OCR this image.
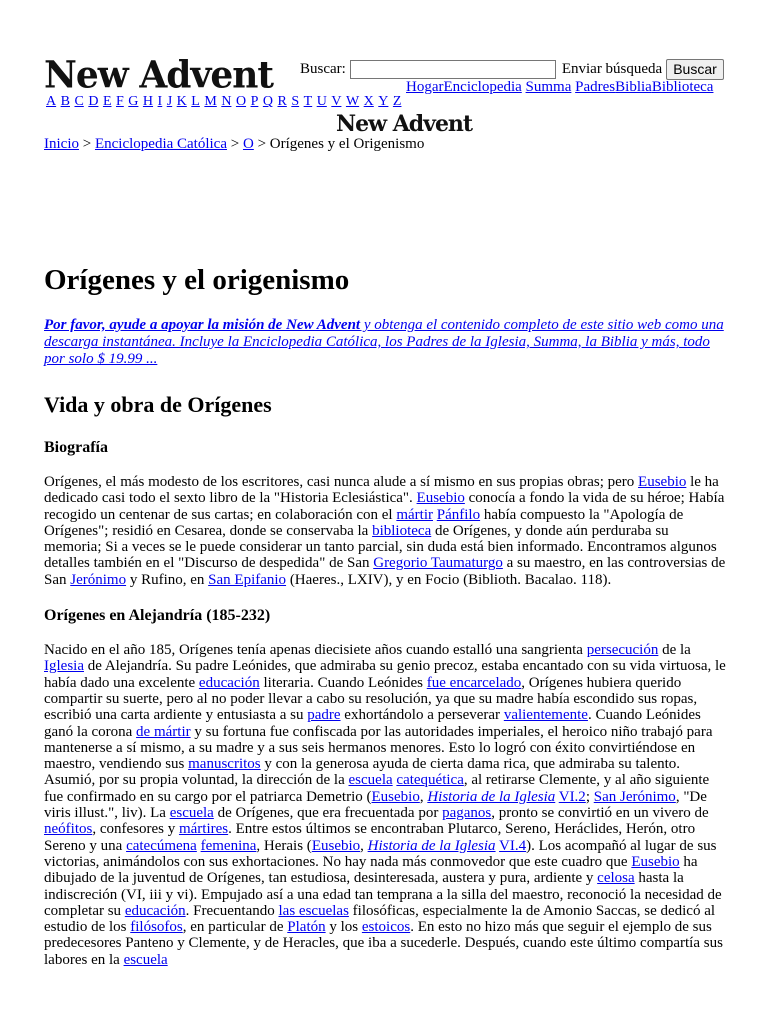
New Advent Buscar:	Enviar búsqueda Buscar
HogarEnciclopedia Summa PadresBibliaBiblioteca
A B C D E F G H I J K L M N O P Q R S T U V W X Y Z
New Advent
Inicio > Enciclopedia Católica > O > Orígenes y el Origenismo
Orígenes y el origenismo
Por favor, ayude a apoyar la misión de New Advent y obtenga el contenido completo de este sitio web como una descarga instantánea. Incluye la Enciclopedia Católica, los Padres de la Iglesia, Summa, la Biblia y más, todo por solo $ 19.99 ...
Vida y obra de Orígenes
Biografía

Orígenes, el más modesto de los escritores, casi nunca alude a sí mismo en sus propias obras; pero Eusebio le ha dedicado casi todo el sexto libro de la "Historia Eclesiástica". Eusebio conocía a fondo la vida de su héroe; Había recogido un centenar de sus cartas; en colaboración con el mártir Pánfilo había compuesto la "Apología de Orígenes"; residió en Cesarea, donde se conservaba la biblioteca de Orígenes, y donde aún perduraba su memoria; Si a veces se le puede considerar un tanto parcial, sin duda está bien informado. Encontramos algunos detalles también en el "Discurso de despedida" de San Gregorio Taumaturgo a su maestro, en las controversias de San Jerónimo y Rufino, en San Epifanio (Haeres., LXIV), y en Focio (Biblioth. Bacalao. 118).

Orígenes en Alejandría (185-232)

Nacido en el año 185, Orígenes tenía apenas diecisiete años cuando estalló una sangrienta persecución de la Iglesia de Alejandría. Su padre Leónides, que admiraba su genio precoz, estaba encantado con su vida virtuosa, le había dado una excelente educación literaria. Cuando Leónides fue encarcelado, Orígenes hubiera querido compartir su suerte, pero al no poder llevar a cabo su resolución, ya que su madre había escondido sus ropas, escribió una carta ardiente y entusiasta a su padre exhortándolo a perseverar valientemente. Cuando Leónides ganó la corona de mártir y su fortuna fue confiscada por las autoridades imperiales, el heroico niño trabajó para mantenerse a sí mismo, a su madre y a sus seis hermanos menores. Esto lo logró con éxito convirtiéndose en maestro, vendiendo sus manuscritos y con la generosa ayuda de cierta dama rica, que admiraba su talento. Asumió, por su propia voluntad, la dirección de la escuela catequética, al retirarse Clemente, y al año siguiente fue confirmado en su cargo por el patriarca Demetrio (Eusebio, Historia de la Iglesia VI.2; San Jerónimo, "De viris illust.", liv). La escuela de Orígenes, que era frecuentada por paganos, pronto se convirtió en un vivero de neófitos, confesores y mártires. Entre estos últimos se encontraban Plutarco, Sereno, Heráclides, Herón, otro Sereno y una catecúmena femenina, Herais (Eusebio, Historia de la Iglesia VI.4). Los acompañó al lugar de sus victorias, animándolos con sus exhortaciones. No hay nada más conmovedor que este cuadro que Eusebio ha dibujado de la juventud de Orígenes, tan estudiosa, desinteresada, austera y pura, ardiente y celosa hasta la indiscreción (VI, iii y vi). Empujado así a una edad tan temprana a la silla del maestro, reconoció la necesidad de completar su educación. Frecuentando las escuelas filosóficas, especialmente la de Amonio Saccas, se dedicó al estudio de los filósofos, en particular de Platón y los estoicos. En esto no hizo más que seguir el ejemplo de sus predecesores Panteno y Clemente, y de Heracles, que iba a sucederle. Después, cuando este último compartía sus labores en la escuela
